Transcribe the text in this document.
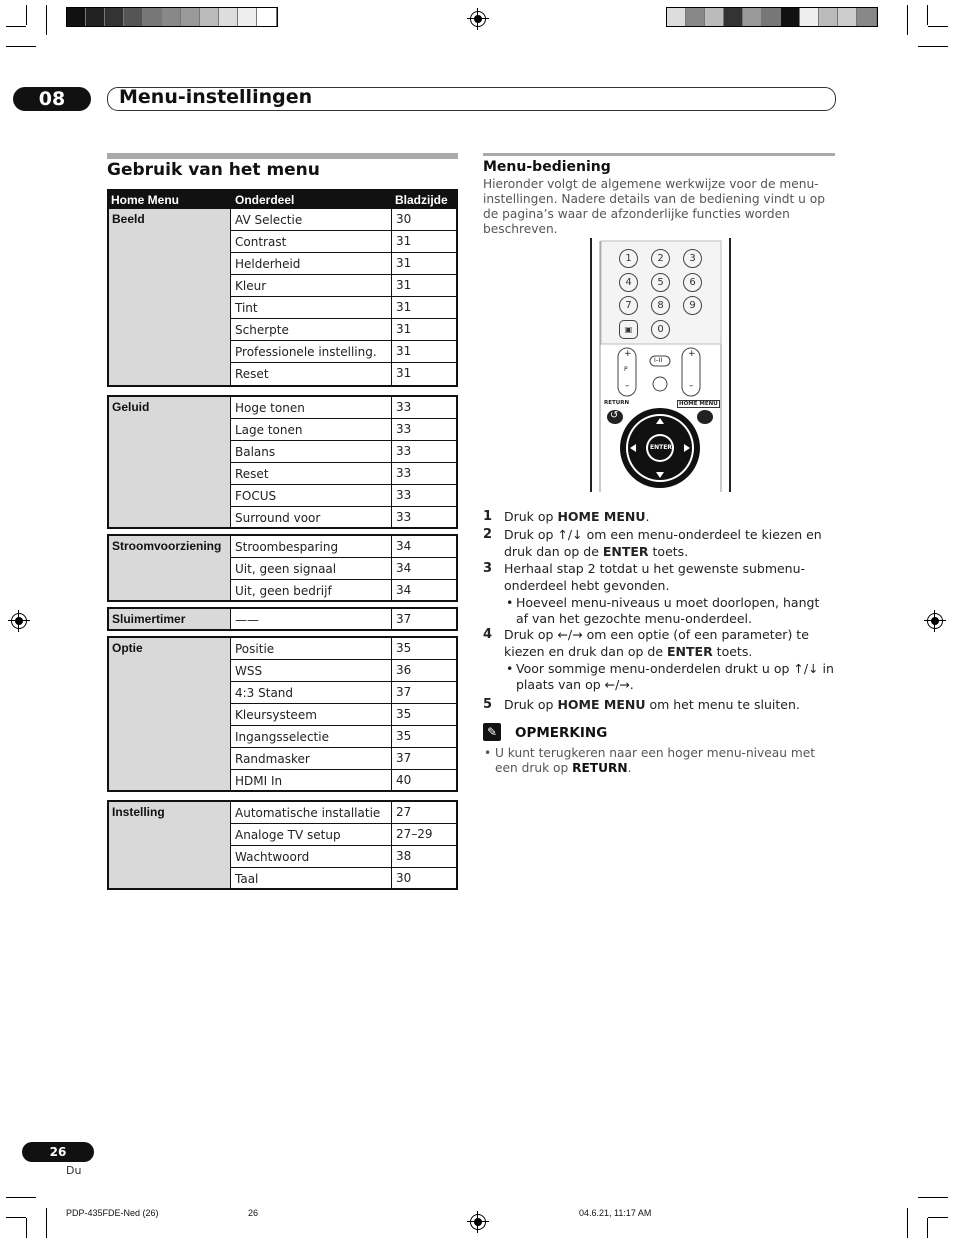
08	Menu-instellingen
Gebruik van het menu
Home Menu	Onderdeel	Bladzijde
Beeld	AV Selectie	30
Contrast	31
Helderheid	31
Kleur	31
Tint	31
Scherpte	31
Professionele instelling.	31
Reset	31
Geluid	Hoge tonen	33
Lage tonen	33
Balans	33
Reset	33
FOCUS	33
Surround voor	33
Stroomvoorziening	Stroombesparing	34
Uit, geen signaal	34
Uit, geen bedrijf	34
Sluimertimer	——	37
Optie	Positie	35
WSS	36
4:3 Stand	37
Kleursysteem	35
Ingangsselectie	35
Randmasker	37
HDMI In	40
Instelling	Automatische installatie	27
Analoge TV setup	27–29
Wachtwoord	38
Taal	30
Menu-bediening
Hieronder volgt de algemene werkwijze voor de menu-instellingen. Nadere details van de bediening vindt u op de pagina’s waar de afzonderlijke functies worden beschreven.
1	2	3
4	5	6
7	8	9
▣	0
P
+
–
+
–
I–II
RETURN	HOME MENU
↺
ENTER
1 Druk op HOME MENU.
2 Druk op ↑/↓ om een menu-onderdeel te kiezen en druk dan op de ENTER toets.
3 Herhaal stap 2 totdat u het gewenste submenu-onderdeel hebt gevonden.
• Hoeveel menu-niveaus u moet doorlopen, hangt af van het gezochte menu-onderdeel.
4 Druk op ←/→ om een optie (of een parameter) te kiezen en druk dan op de ENTER toets.
• Voor sommige menu-onderdelen drukt u op ↑/↓ in plaats van op ←/→.
5 Druk op HOME MENU om het menu te sluiten.
✎ OPMERKING
• U kunt terugkeren naar een hoger menu-niveau met een druk op RETURN.
26
Du
PDP-435FDE-Ned (26)	26	04.6.21, 11:17 AM
